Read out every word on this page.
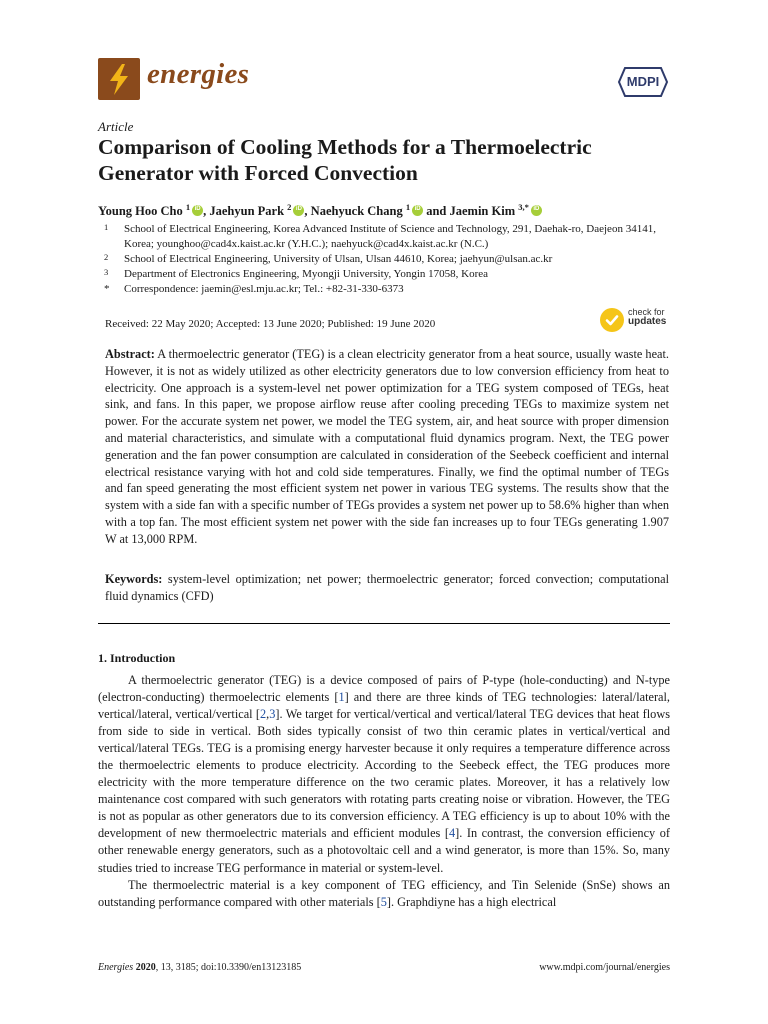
energies	MDPI
Article
Comparison of Cooling Methods for a Thermoelectric Generator with Forced Convection
Young Hoo Cho $^1$ iD , Jaehyun Park $^2$ iD , Naehyuck Chang $^1$iD and Jaemin Kim $^{3,*}$iD
1 School of Electrical Engineering, Korea Advanced Institute of Science and Technology, 291, Daehak-ro, Daejeon 34141, Korea; younghoo@cad4x.kaist.ac.kr (Y.H.C.); naehyuck@cad4x.kaist.ac.kr (N.C.)
2 School of Electrical Engineering, University of Ulsan, Ulsan 44610, Korea; jaehyun@ulsan.ac.kr
3 Department of Electronics Engineering, Myongji University, Yongin 17058, Korea
* Correspondence: jaemin@esl.mju.ac.kr; Tel.: +82-31-330-6373
Received: 22 May 2020; Accepted: 13 June 2020; Published: 19 June 2020
check for
updates

Abstract: A thermoelectric generator (TEG) is a clean electricity generator from a heat source, usually waste heat. However, it is not as widely utilized as other electricity generators due to low conversion efficiency from heat to electricity. One approach is a system-level net power optimization for a TEG system composed of TEGs, heat sink, and fans. In this paper, we propose airflow reuse after cooling preceding TEGs to maximize system net power. For the accurate system net power, we model the TEG system, air, and heat source with proper dimension and material characteristics, and simulate with a computational fluid dynamics program. Next, the TEG power generation and the fan power consumption are calculated in consideration of the Seebeck coefficient and internal electrical resistance varying with hot and cold side temperatures. Finally, we find the optimal number of TEGs and fan speed generating the most efficient system net power in various TEG systems. The results show that the system with a side fan with a specific number of TEGs provides a system net power up to 58.6% higher than when with a top fan. The most efficient system net power with the side fan increases up to four TEGs generating 1.907 W at 13,000 RPM.

Keywords: system-level optimization; net power; thermoelectric generator; forced convection; computational fluid dynamics (CFD)

1. Introduction

A thermoelectric generator (TEG) is a device composed of pairs of P-type (hole-conducting) and N-type (electron-conducting) thermoelectric elements [1] and there are three kinds of TEG technologies: lateral/lateral, vertical/lateral, vertical/vertical [2,3]. We target for vertical/vertical and vertical/lateral TEG devices that heat flows from side to side in vertical. Both sides typically consist of two thin ceramic plates in vertical/vertical and vertical/lateral TEGs. TEG is a promising energy harvester because it only requires a temperature difference across the thermoelectric elements to produce electricity. According to the Seebeck effect, the TEG produces more electricity with the more temperature difference on the two ceramic plates. Moreover, it has a relatively low maintenance cost compared with such generators with rotating parts creating noise or vibration. However, the TEG is not as popular as other generators due to its conversion efficiency. A TEG efficiency is up to about 10% with the development of new thermoelectric materials and efficient modules [4]. In contrast, the conversion efficiency of other renewable energy generators, such as a photovoltaic cell and a wind generator, is more than 15%. So, many studies tried to increase TEG performance in material or system-level.

The thermoelectric material is a key component of TEG efficiency, and Tin Selenide (SnSe) shows an outstanding performance compared with other materials [5]. Graphdiyne has a high electrical

Energies 2020, 13, 3185; doi:10.3390/en13123185	www.mdpi.com/journal/energies
